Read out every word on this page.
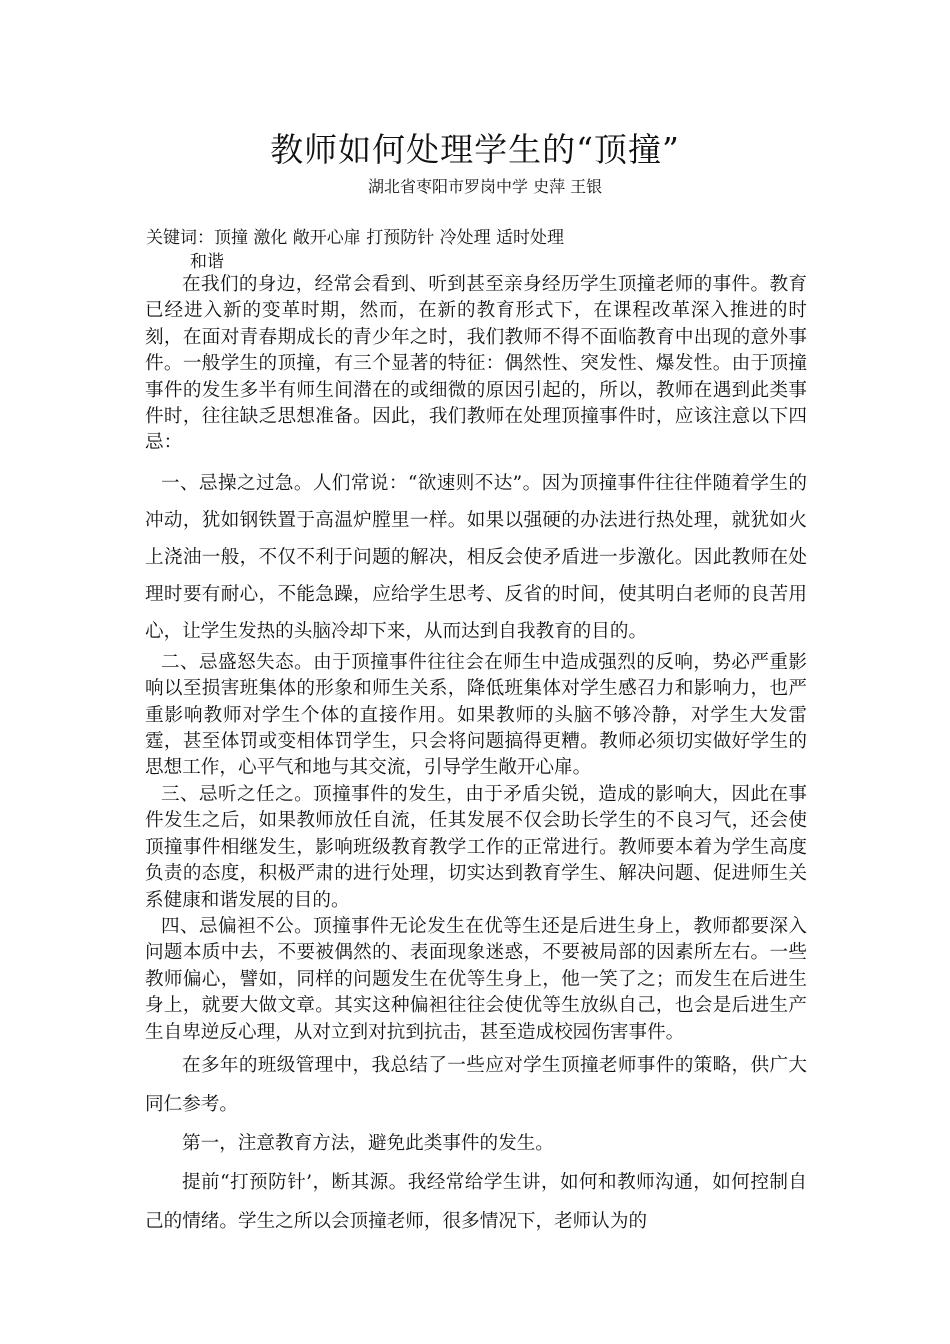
教师如何处理学生的“顶撞”
湖北省枣阳市罗岗中学 史萍 王银
关键词：顶撞 激化 敞开心扉 打预防针 冷处理 适时处理
和谐

在我们的身边，经常会看到、听到甚至亲身经历学生顶撞老师的事件。教育已经进入新的变革时期，然而，在新的教育形式下，在课程改革深入推进的时刻，在面对青春期成长的青少年之时，我们教师不得不面临教育中出现的意外事件。一般学生的顶撞，有三个显著的特征：偶然性、突发性、爆发性。由于顶撞事件的发生多半有师生间潜在的或细微的原因引起的，所以，教师在遇到此类事件时，往往缺乏思想准备。因此，我们教师在处理顶撞事件时，应该注意以下四忌：

一、忌操之过急。人们常说：“欲速则不达”。因为顶撞事件往往伴随着学生的冲动，犹如钢铁置于高温炉膛里一样。如果以强硬的办法进行热处理，就犹如火上浇油一般，不仅不利于问题的解决，相反会使矛盾进一步激化。因此教师在处理时要有耐心，不能急躁，应给学生思考、反省的时间，使其明白老师的良苦用心，让学生发热的头脑冷却下来，从而达到自我教育的目的。

二、忌盛怒失态。由于顶撞事件往往会在师生中造成强烈的反响，势必严重影响以至损害班集体的形象和师生关系，降低班集体对学生感召力和影响力，也严重影响教师对学生个体的直接作用。如果教师的头脑不够冷静，对学生大发雷霆，甚至体罚或变相体罚学生，只会将问题搞得更糟。教师必须切实做好学生的思想工作，心平气和地与其交流，引导学生敞开心扉。

三、忌听之任之。顶撞事件的发生，由于矛盾尖锐，造成的影响大，因此在事件发生之后，如果教师放任自流，任其发展不仅会助长学生的不良习气，还会使顶撞事件相继发生，影响班级教育教学工作的正常进行。教师要本着为学生高度负责的态度，积极严肃的进行处理，切实达到教育学生、解决问题、促进师生关系健康和谐发展的目的。

四、忌偏袒不公。顶撞事件无论发生在优等生还是后进生身上，教师都要深入问题本质中去，不要被偶然的、表面现象迷惑，不要被局部的因素所左右。一些教师偏心，譬如，同样的问题发生在优等生身上，他一笑了之；而发生在后进生身上，就要大做文章。其实这种偏袒往往会使优等生放纵自己，也会是后进生产生自卑逆反心理，从对立到对抗到抗击，甚至造成校园伤害事件。

在多年的班级管理中，我总结了一些应对学生顶撞老师事件的策略，供广大同仁参考。

第一，注意教育方法，避免此类事件的发生。

提前“打预防针’，断其源。我经常给学生讲，如何和教师沟通，如何控制自己的情绪。学生之所以会顶撞老师，很多情况下，老师认为的
